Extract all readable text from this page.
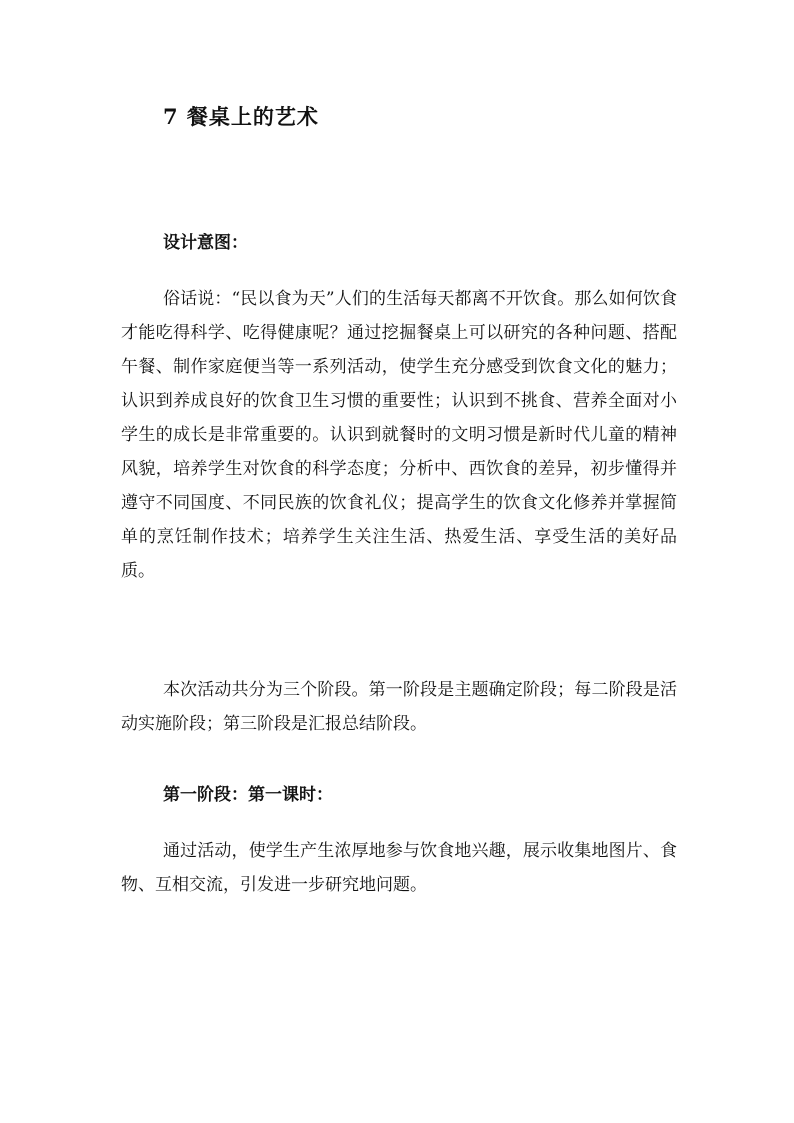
7 餐桌上的艺术
设计意图：

俗话说：“民以食为天”人们的生活每天都离不开饮食。那么如何饮食才能吃得科学、吃得健康呢？通过挖掘餐桌上可以研究的各种问题、搭配午餐、制作家庭便当等一系列活动，使学生充分感受到饮食文化的魅力；认识到养成良好的饮食卫生习惯的重要性；认识到不挑食、营养全面对小学生的成长是非常重要的。认识到就餐时的文明习惯是新时代儿童的精神风貌，培养学生对饮食的科学态度；分析中、西饮食的差异，初步懂得并遵守不同国度、不同民族的饮食礼仪；提高学生的饮食文化修养并掌握简单的烹饪制作技术；培养学生关注生活、热爱生活、享受生活的美好品质。

本次活动共分为三个阶段。第一阶段是主题确定阶段；每二阶段是活动实施阶段；第三阶段是汇报总结阶段。

第一阶段：第一课时：

通过活动，使学生产生浓厚地参与饮食地兴趣，展示收集地图片、食物、互相交流，引发进一步研究地问题。
